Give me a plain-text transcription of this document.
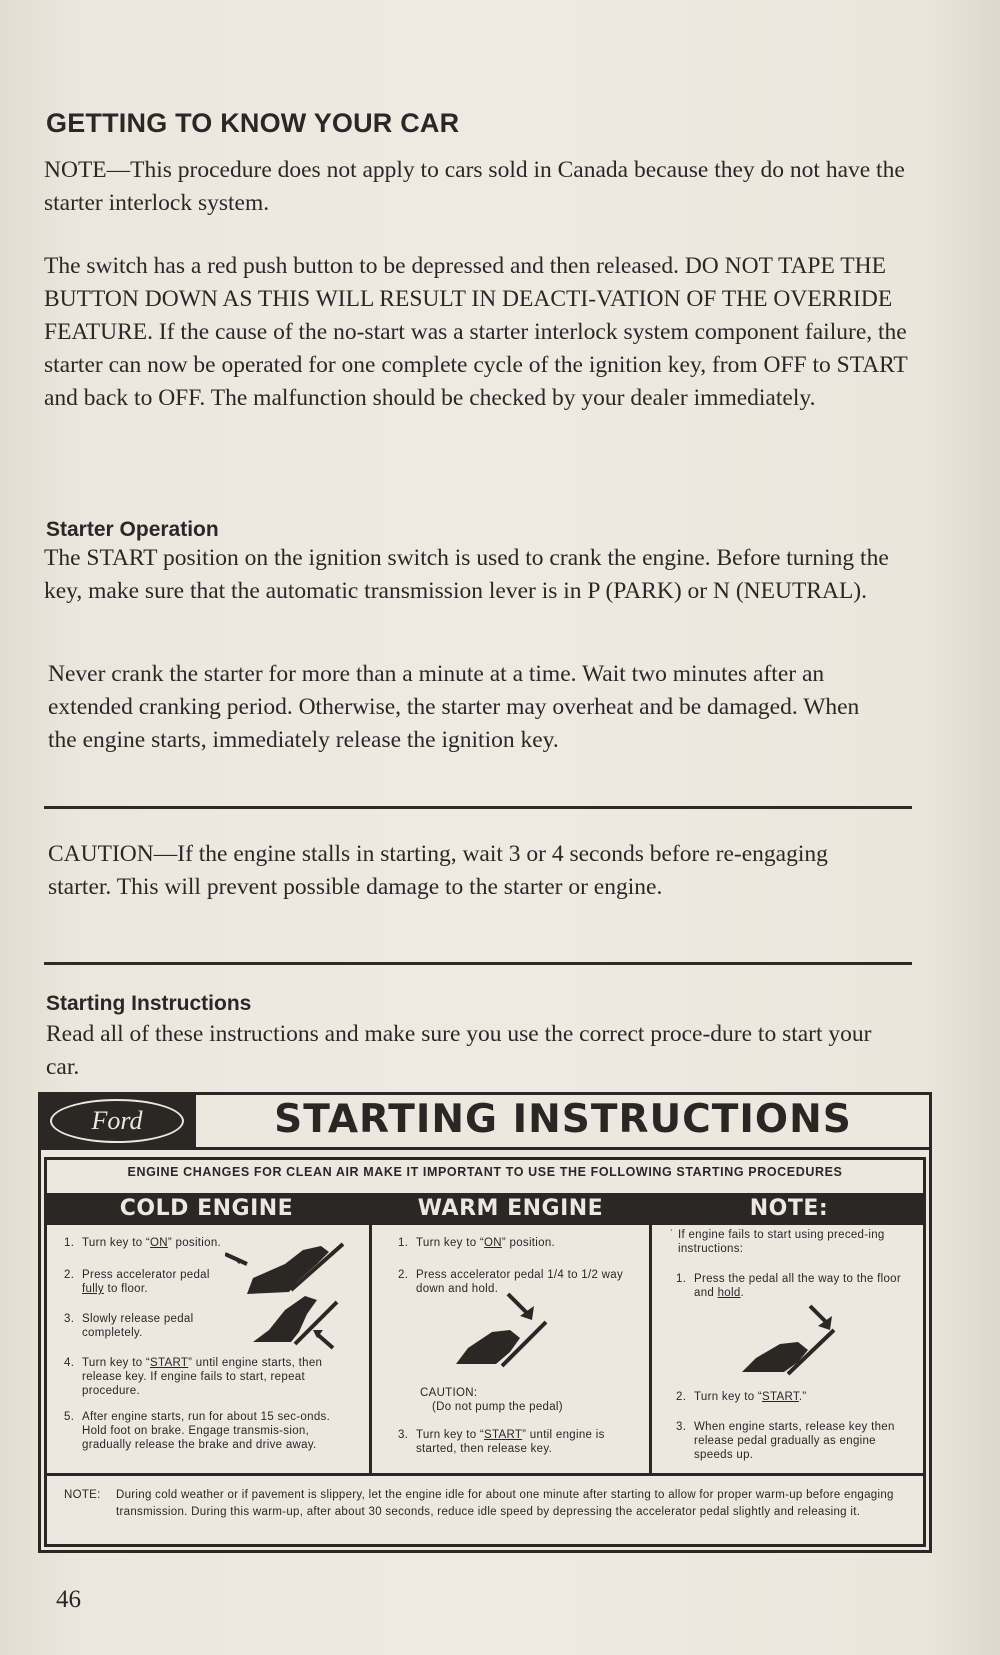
GETTING TO KNOW YOUR CAR
NOTE—This procedure does not apply to cars sold in Canada because they do not have the starter interlock system.
The switch has a red push button to be depressed and then released. DO NOT TAPE THE BUTTON DOWN AS THIS WILL RESULT IN DEACTI-VATION OF THE OVERRIDE FEATURE. If the cause of the no-start was a starter interlock system component failure, the starter can now be operated for one complete cycle of the ignition key, from OFF to START and back to OFF. The malfunction should be checked by your dealer immediately.
Starter Operation
The START position on the ignition switch is used to crank the engine. Before turning the key, make sure that the automatic transmission lever is in P (PARK) or N (NEUTRAL).
Never crank the starter for more than a minute at a time. Wait two minutes after an extended cranking period. Otherwise, the starter may overheat and be damaged. When the engine starts, immediately release the ignition key.
CAUTION—If the engine stalls in starting, wait 3 or 4 seconds before re-engaging starter. This will prevent possible damage to the starter or engine.
Starting Instructions
Read all of these instructions and make sure you use the correct proce-dure to start your car.
Ford	STARTING INSTRUCTIONS
ENGINE CHANGES FOR CLEAN AIR MAKE IT IMPORTANT TO USE THE FOLLOWING STARTING PROCEDURES
COLD ENGINE	WARM ENGINE	NOTE:
1. Turn key to “ON” position.
2. Press accelerator pedal fully to floor.
3. Slowly release pedal completely.
4. Turn key to “START” until engine starts, then release key. If engine fails to start, repeat procedure.
5. After engine starts, run for about 15 sec-onds. Hold foot on brake. Engage transmis-sion, gradually release the brake and drive away.
1. Turn key to “ON” position.
2. Press accelerator pedal 1/4 to 1/2 way down and hold.
CAUTION:
(Do not pump the pedal)
3. Turn key to “START” until engine is started, then release key.
˙ If engine fails to start using preced-ing instructions:
1. Press the pedal all the way to the floor and hold.
2. Turn key to “START.”
3. When engine starts, release key then release pedal gradually as engine speeds up.
NOTE: During cold weather or if pavement is slippery, let the engine idle for about one minute after starting to allow for proper warm-up before engaging transmission. During this warm-up, after about 30 seconds, reduce idle speed by depressing the accelerator pedal slightly and releasing it.
46
